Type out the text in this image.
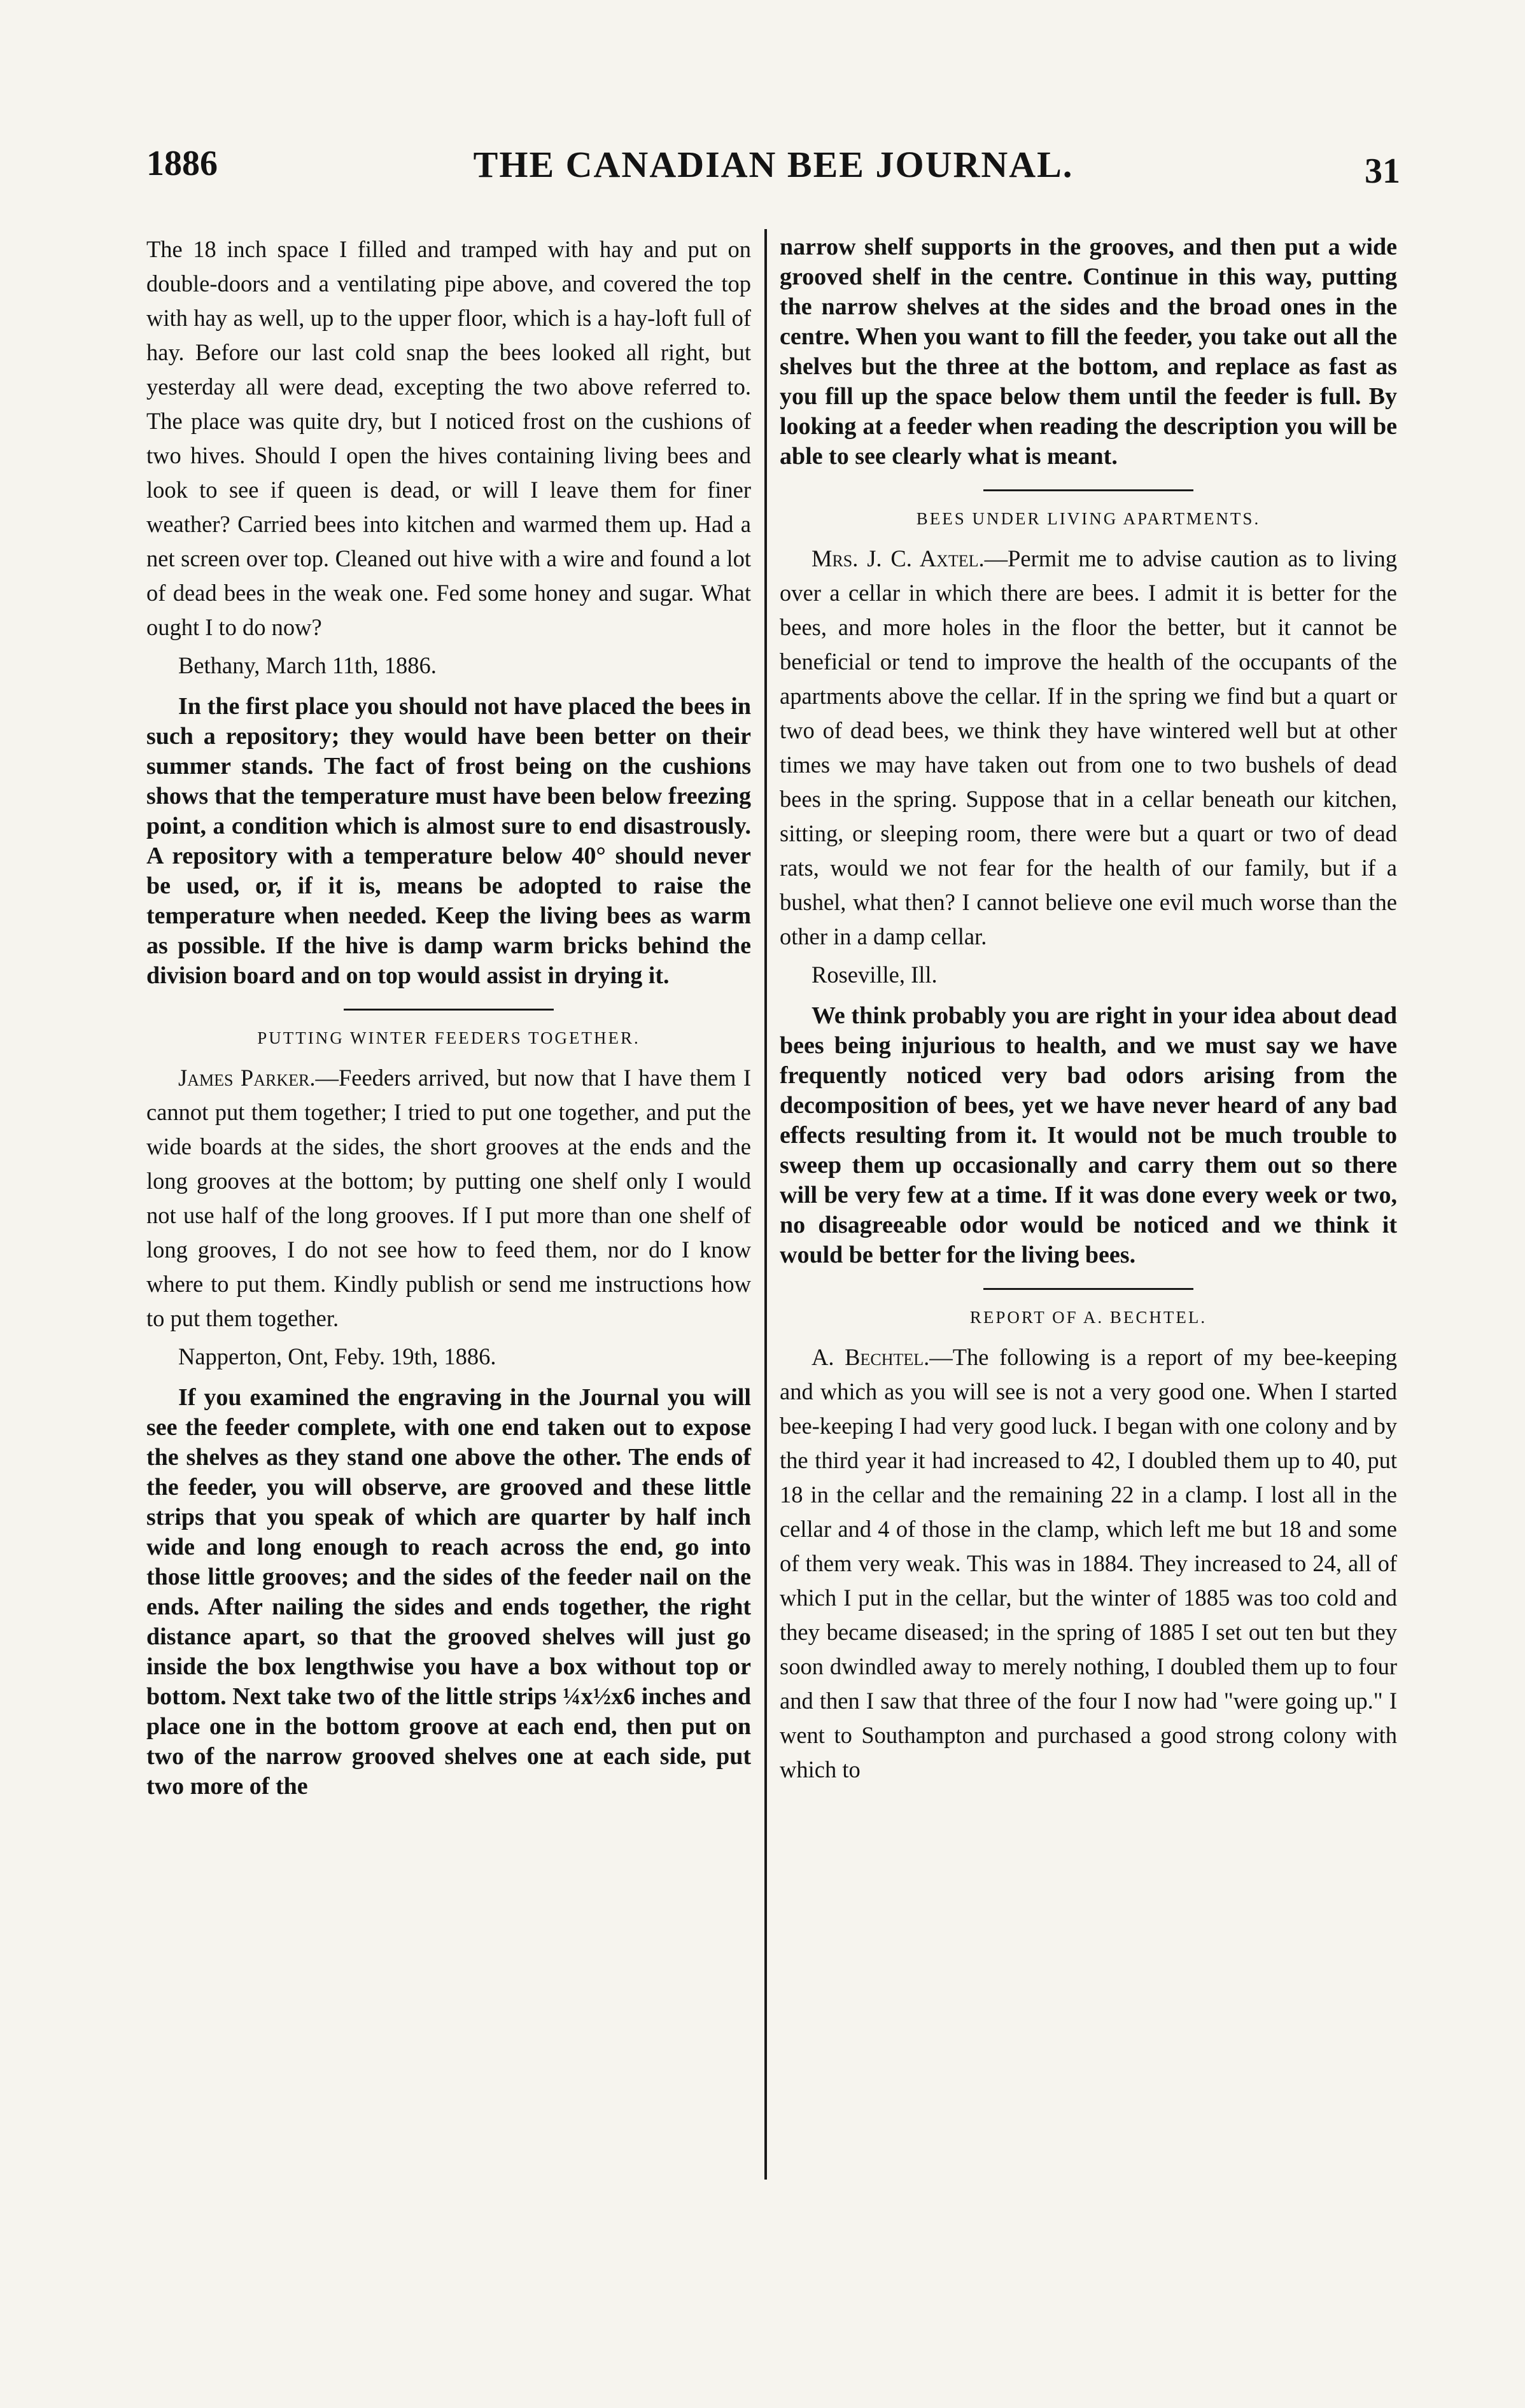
1886	THE CANADIAN BEE JOURNAL.	31

The 18 inch space I filled and tramped with hay and put on double-doors and a ventilating pipe above, and covered the top with hay as well, up to the upper floor, which is a hay-loft full of hay. Before our last cold snap the bees looked all right, but yesterday all were dead, excepting the two above referred to. The place was quite dry, but I noticed frost on the cushions of two hives. Should I open the hives containing living bees and look to see if queen is dead, or will I leave them for finer weather? Carried bees into kitchen and warmed them up. Had a net screen over top. Cleaned out hive with a wire and found a lot of dead bees in the weak one. Fed some honey and sugar. What ought I to do now?

Bethany, March 11th, 1886.

In the first place you should not have placed the bees in such a repository; they would have been better on their summer stands. The fact of frost being on the cushions shows that the temperature must have been below freezing point, a condition which is almost sure to end disastrously. A repository with a temperature below 40° should never be used, or, if it is, means be adopted to raise the temperature when needed. Keep the living bees as warm as possible. If the hive is damp warm bricks behind the division board and on top would assist in drying it.

PUTTING WINTER FEEDERS TOGETHER.

James Parker.—Feeders arrived, but now that I have them I cannot put them together; I tried to put one together, and put the wide boards at the sides, the short grooves at the ends and the long grooves at the bottom; by putting one shelf only I would not use half of the long grooves. If I put more than one shelf of long grooves, I do not see how to feed them, nor do I know where to put them. Kindly publish or send me instructions how to put them together.

Napperton, Ont, Feby. 19th, 1886.

If you examined the engraving in the Journal you will see the feeder complete, with one end taken out to expose the shelves as they stand one above the other. The ends of the feeder, you will observe, are grooved and these little strips that you speak of which are quarter by half inch wide and long enough to reach across the end, go into those little grooves; and the sides of the feeder nail on the ends. After nailing the sides and ends together, the right distance apart, so that the grooved shelves will just go inside the box lengthwise you have a box without top or bottom. Next take two of the little strips ¼x½x6 inches and place one in the bottom groove at each end, then put on two of the narrow grooved shelves one at each side, put two more of the

narrow shelf supports in the grooves, and then put a wide grooved shelf in the centre. Continue in this way, putting the narrow shelves at the sides and the broad ones in the centre. When you want to fill the feeder, you take out all the shelves but the three at the bottom, and replace as fast as you fill up the space below them until the feeder is full. By looking at a feeder when reading the description you will be able to see clearly what is meant.

BEES UNDER LIVING APARTMENTS.

Mrs. J. C. Axtel.—Permit me to advise caution as to living over a cellar in which there are bees. I admit it is better for the bees, and more holes in the floor the better, but it cannot be beneficial or tend to improve the health of the occupants of the apartments above the cellar. If in the spring we find but a quart or two of dead bees, we think they have wintered well but at other times we may have taken out from one to two bushels of dead bees in the spring. Suppose that in a cellar beneath our kitchen, sitting, or sleeping room, there were but a quart or two of dead rats, would we not fear for the health of our family, but if a bushel, what then? I cannot believe one evil much worse than the other in a damp cellar.

Roseville, Ill.

We think probably you are right in your idea about dead bees being injurious to health, and we must say we have frequently noticed very bad odors arising from the decomposition of bees, yet we have never heard of any bad effects resulting from it. It would not be much trouble to sweep them up occasionally and carry them out so there will be very few at a time. If it was done every week or two, no disagreeable odor would be noticed and we think it would be better for the living bees.

REPORT OF A. BECHTEL.

A. Bechtel.—The following is a report of my bee-keeping and which as you will see is not a very good one. When I started bee-keeping I had very good luck. I began with one colony and by the third year it had increased to 42, I doubled them up to 40, put 18 in the cellar and the remaining 22 in a clamp. I lost all in the cellar and 4 of those in the clamp, which left me but 18 and some of them very weak. This was in 1884. They increased to 24, all of which I put in the cellar, but the winter of 1885 was too cold and they became diseased; in the spring of 1885 I set out ten but they soon dwindled away to merely nothing, I doubled them up to four and then I saw that three of the four I now had "were going up." I went to Southampton and purchased a good strong colony with which to
